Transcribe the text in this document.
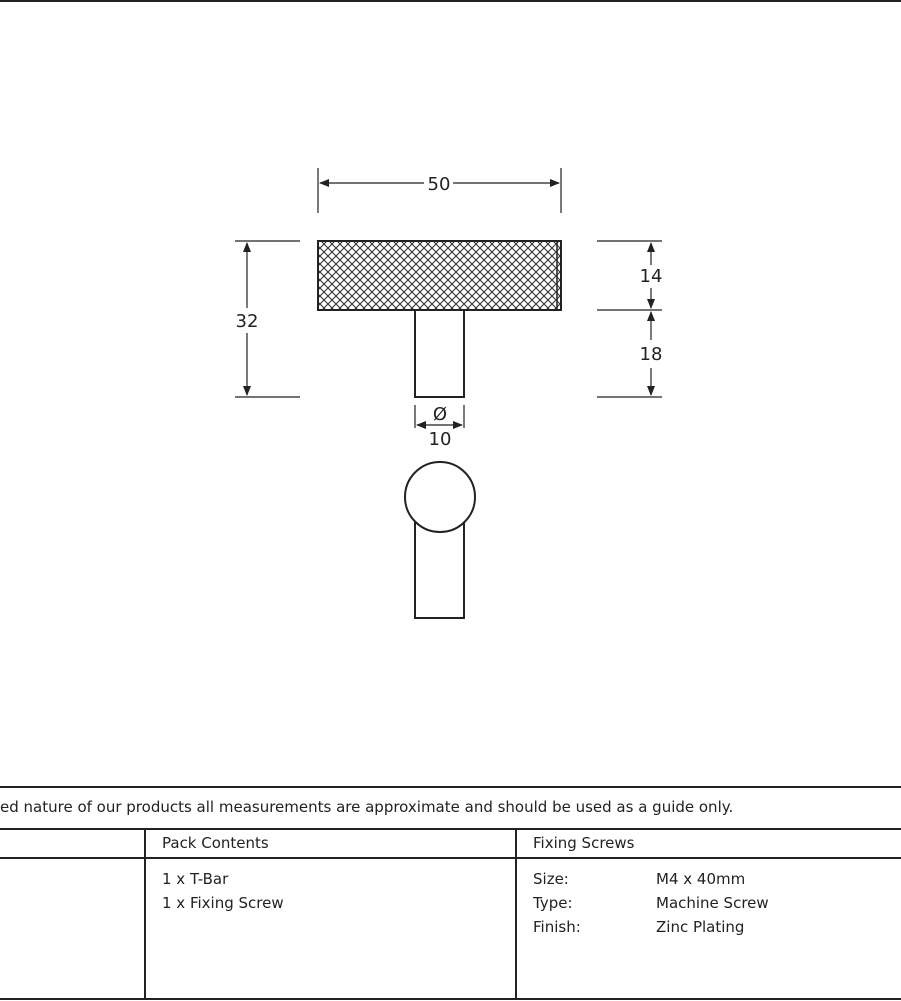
50
32
14
18
Ø
10
ed nature of our products all measurements are approximate and should be used as a guide only.
Pack Contents
1 x T-Bar
1 x Fixing Screw
Fixing Screws
Size:	M4 x 40mm
Type:	Machine Screw
Finish:	Zinc Plating
